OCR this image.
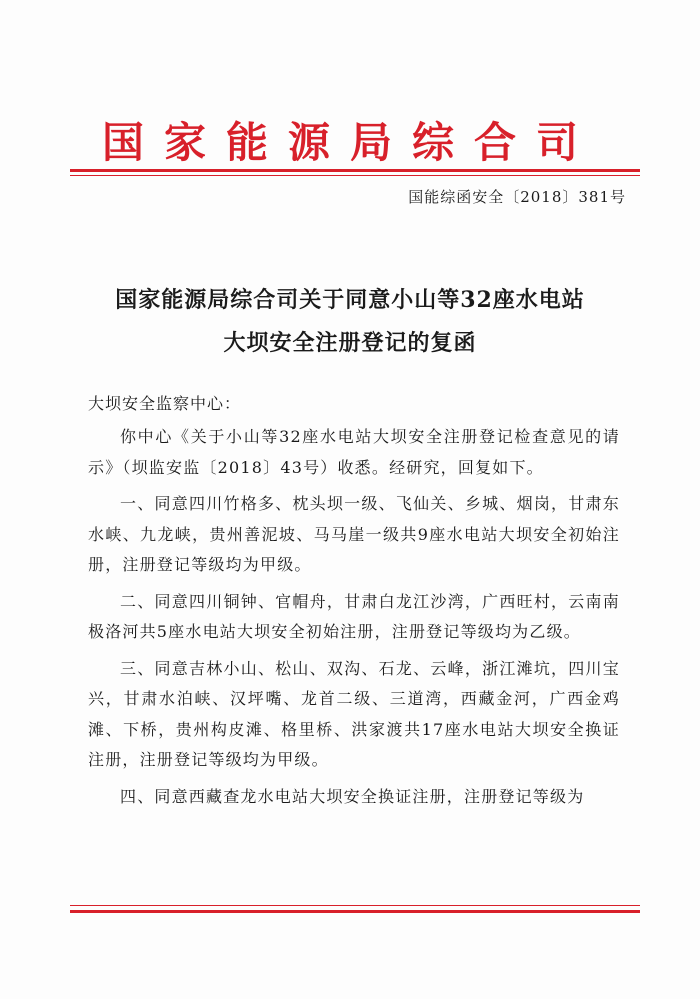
国家能源局综合司
国能综函安全〔2018〕381号
国家能源局综合司关于同意小山等32座水电站
大坝安全注册登记的复函
大坝安全监察中心：

你中心《关于小山等32座水电站大坝安全注册登记检查意见的请示》（坝监安监〔2018〕43号）收悉。经研究，回复如下。

一、同意四川竹格多、枕头坝一级、飞仙关、乡城、烟岗，甘肃东水峡、九龙峡，贵州善泥坡、马马崖一级共9座水电站大坝安全初始注册，注册登记等级均为甲级。

二、同意四川铜钟、官帽舟，甘肃白龙江沙湾，广西旺村，云南南极洛河共5座水电站大坝安全初始注册，注册登记等级均为乙级。

三、同意吉林小山、松山、双沟、石龙、云峰，浙江滩坑，四川宝兴，甘肃水泊峡、汉坪嘴、龙首二级、三道湾，西藏金河，广西金鸡滩、下桥，贵州构皮滩、格里桥、洪家渡共17座水电站大坝安全换证注册，注册登记等级均为甲级。

四、同意西藏查龙水电站大坝安全换证注册，注册登记等级为
